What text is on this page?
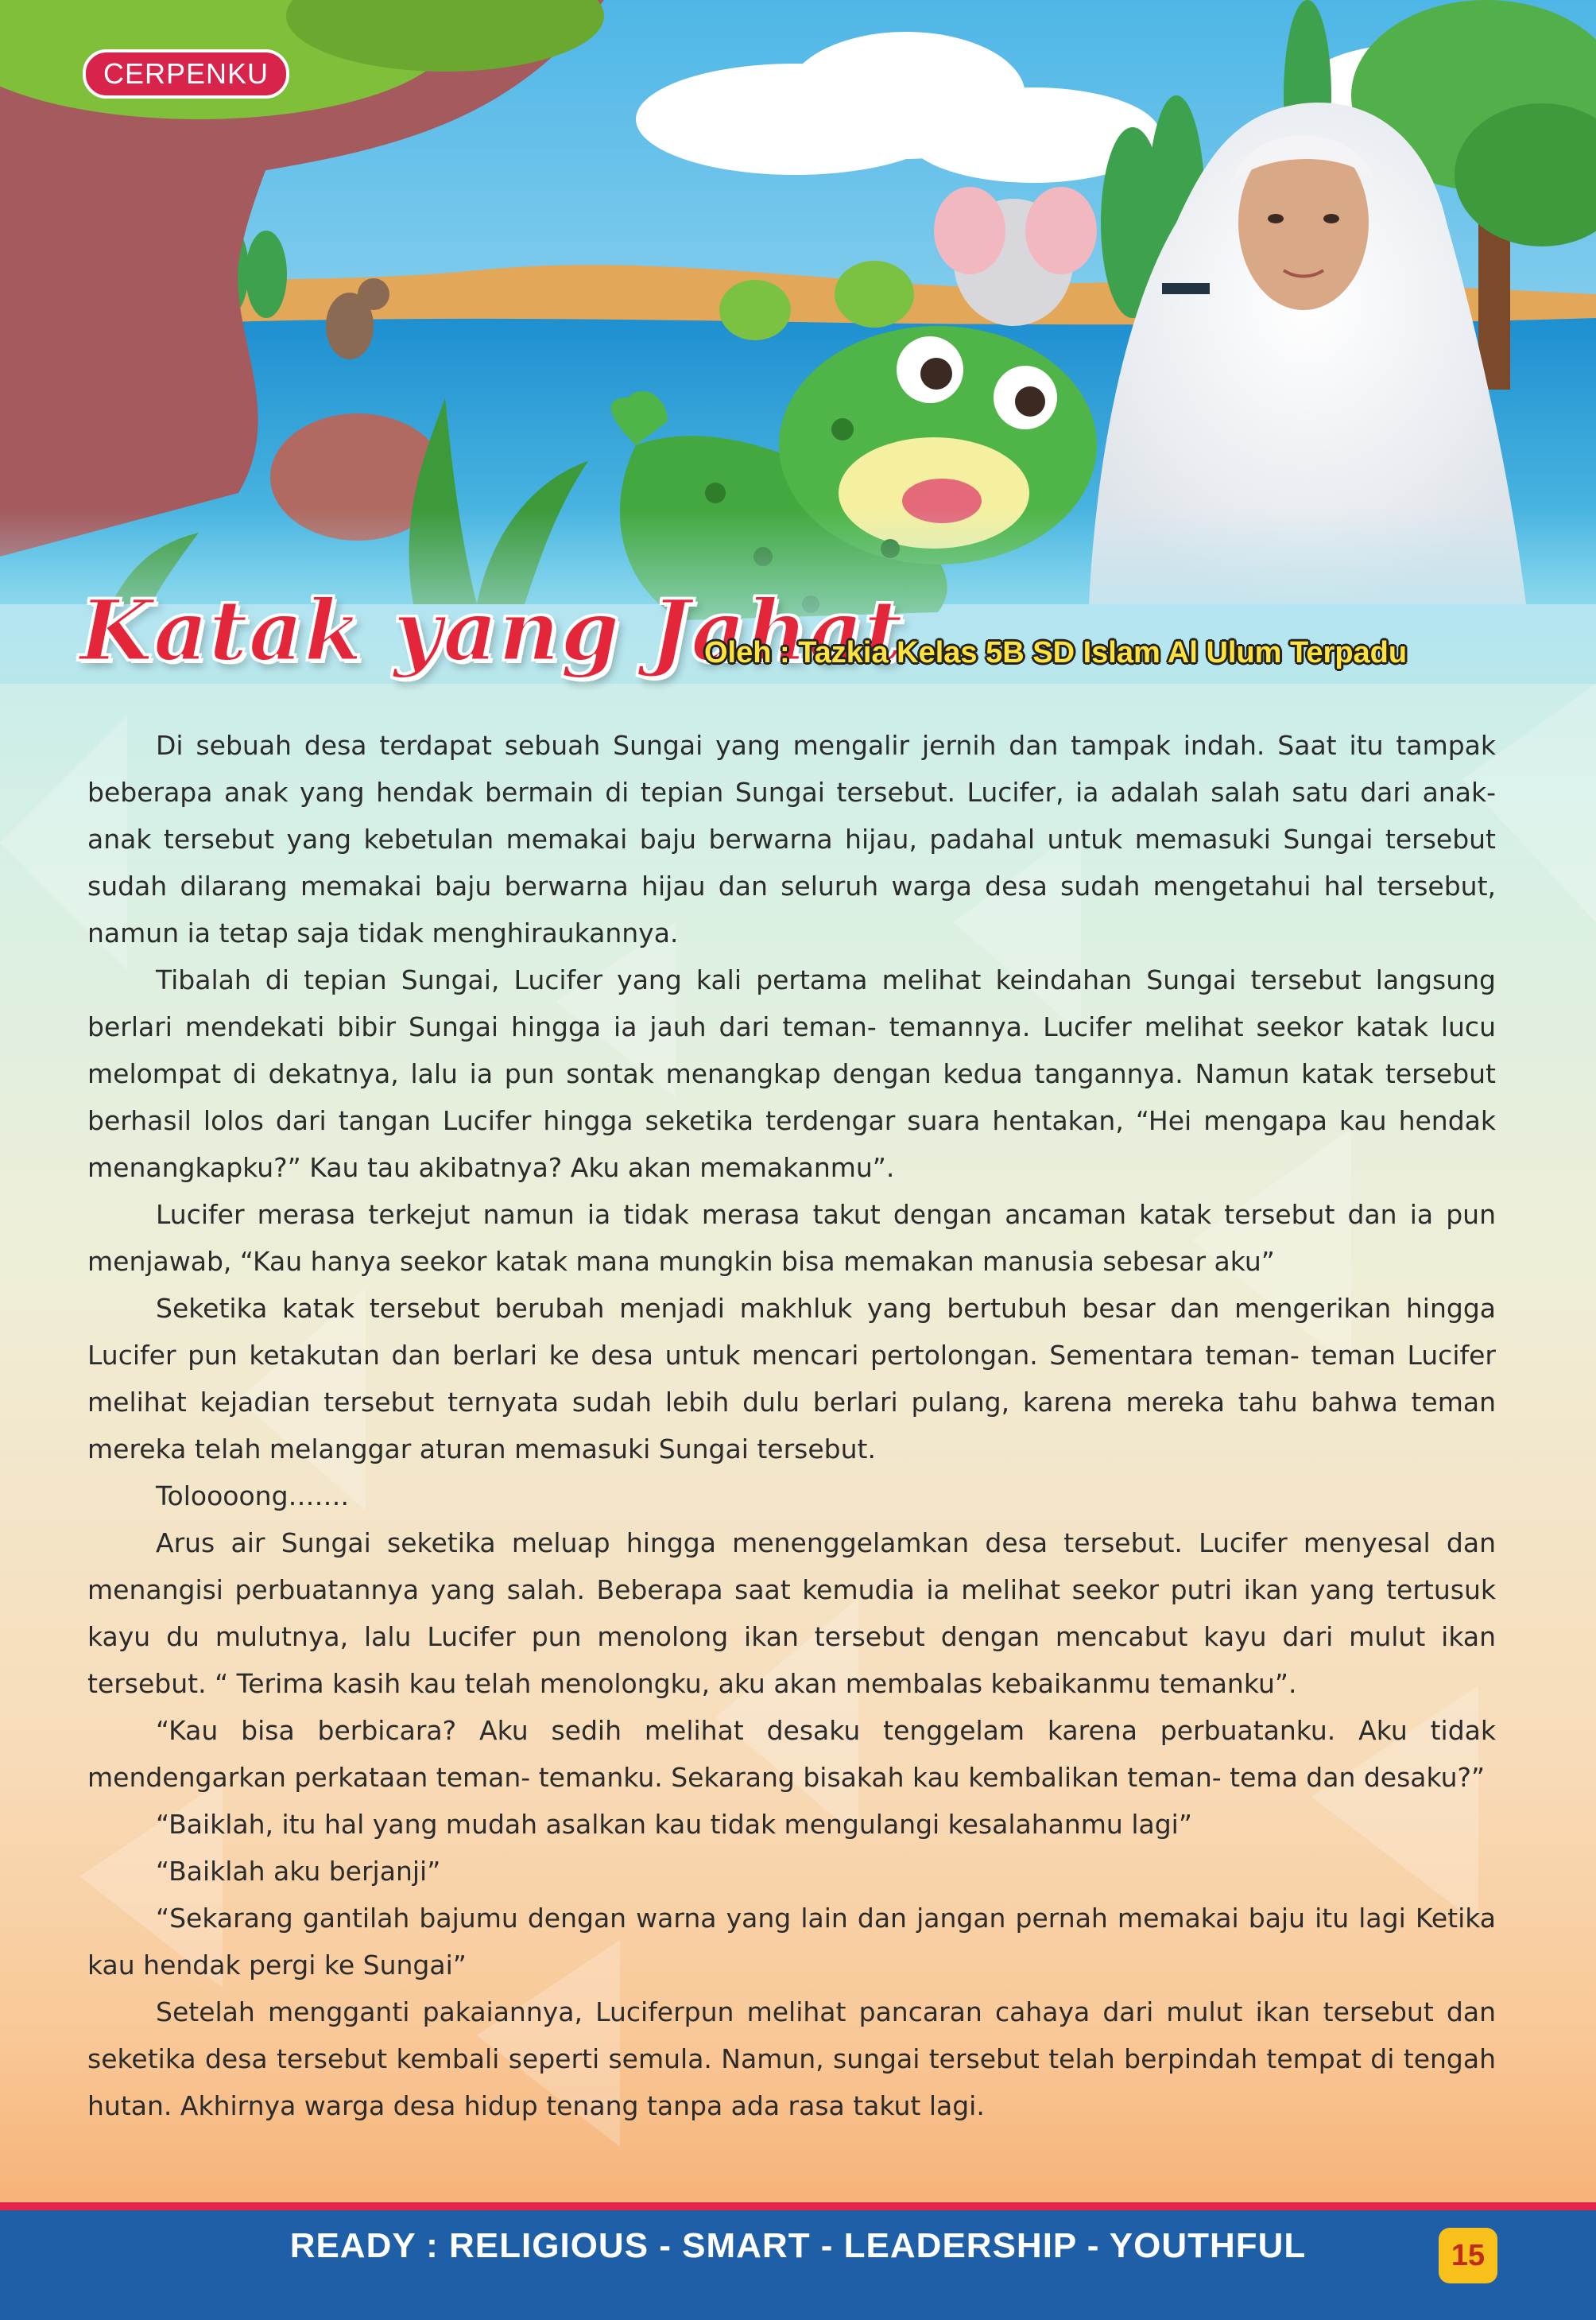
CERPENKU
Katak yang Jahat
Oleh : Tazkia Kelas 5B SD Islam Al Ulum Terpadu

Di sebuah desa terdapat sebuah Sungai yang mengalir jernih dan tampak indah. Saat itu tampak beberapa anak yang hendak bermain di tepian Sungai tersebut. Lucifer, ia adalah salah satu dari anak- anak tersebut yang kebetulan memakai baju berwarna hijau, padahal untuk memasuki Sungai tersebut sudah dilarang memakai baju berwarna hijau dan seluruh warga desa sudah mengetahui hal tersebut, namun ia tetap saja tidak menghiraukannya.

Tibalah di tepian Sungai, Lucifer yang kali pertama melihat keindahan Sungai tersebut langsung berlari mendekati bibir Sungai hingga ia jauh dari teman- temannya. Lucifer melihat seekor katak lucu melompat di dekatnya, lalu ia pun sontak menangkap dengan kedua tangannya. Namun katak tersebut berhasil lolos dari tangan Lucifer hingga seketika terdengar suara hentakan, “Hei mengapa kau hendak menangkapku?” Kau tau akibatnya? Aku akan memakanmu”.

Lucifer merasa terkejut namun ia tidak merasa takut dengan ancaman katak tersebut dan ia pun menjawab, “Kau hanya seekor katak mana mungkin bisa memakan manusia sebesar aku”

Seketika katak tersebut berubah menjadi makhluk yang bertubuh besar dan mengerikan hingga Lucifer pun ketakutan dan berlari ke desa untuk mencari pertolongan. Sementara teman- teman Lucifer melihat kejadian tersebut ternyata sudah lebih dulu berlari pulang, karena mereka tahu bahwa teman mereka telah melanggar aturan memasuki Sungai tersebut.

Toloooong…….

Arus air Sungai seketika meluap hingga menenggelamkan desa tersebut. Lucifer menyesal dan menangisi perbuatannya yang salah. Beberapa saat kemudia ia melihat seekor putri ikan yang tertusuk kayu du mulutnya, lalu Lucifer pun menolong ikan tersebut dengan mencabut kayu dari mulut ikan tersebut. “ Terima kasih kau telah menolongku, aku akan membalas kebaikanmu temanku”.

“Kau bisa berbicara? Aku sedih melihat desaku tenggelam karena perbuatanku. Aku tidak mendengarkan perkataan teman- temanku. Sekarang bisakah kau kembalikan teman- tema dan desaku?”

“Baiklah, itu hal yang mudah asalkan kau tidak mengulangi kesalahanmu lagi”

“Baiklah aku berjanji”

“Sekarang gantilah bajumu dengan warna yang lain dan jangan pernah memakai baju itu lagi Ketika kau hendak pergi ke Sungai”

Setelah mengganti pakaiannya, Luciferpun melihat pancaran cahaya dari mulut ikan tersebut dan seketika desa tersebut kembali seperti semula. Namun, sungai tersebut telah berpindah tempat di tengah hutan. Akhirnya warga desa hidup tenang tanpa ada rasa takut lagi.

READY : RELIGIOUS - SMART - LEADERSHIP - YOUTHFUL	15
